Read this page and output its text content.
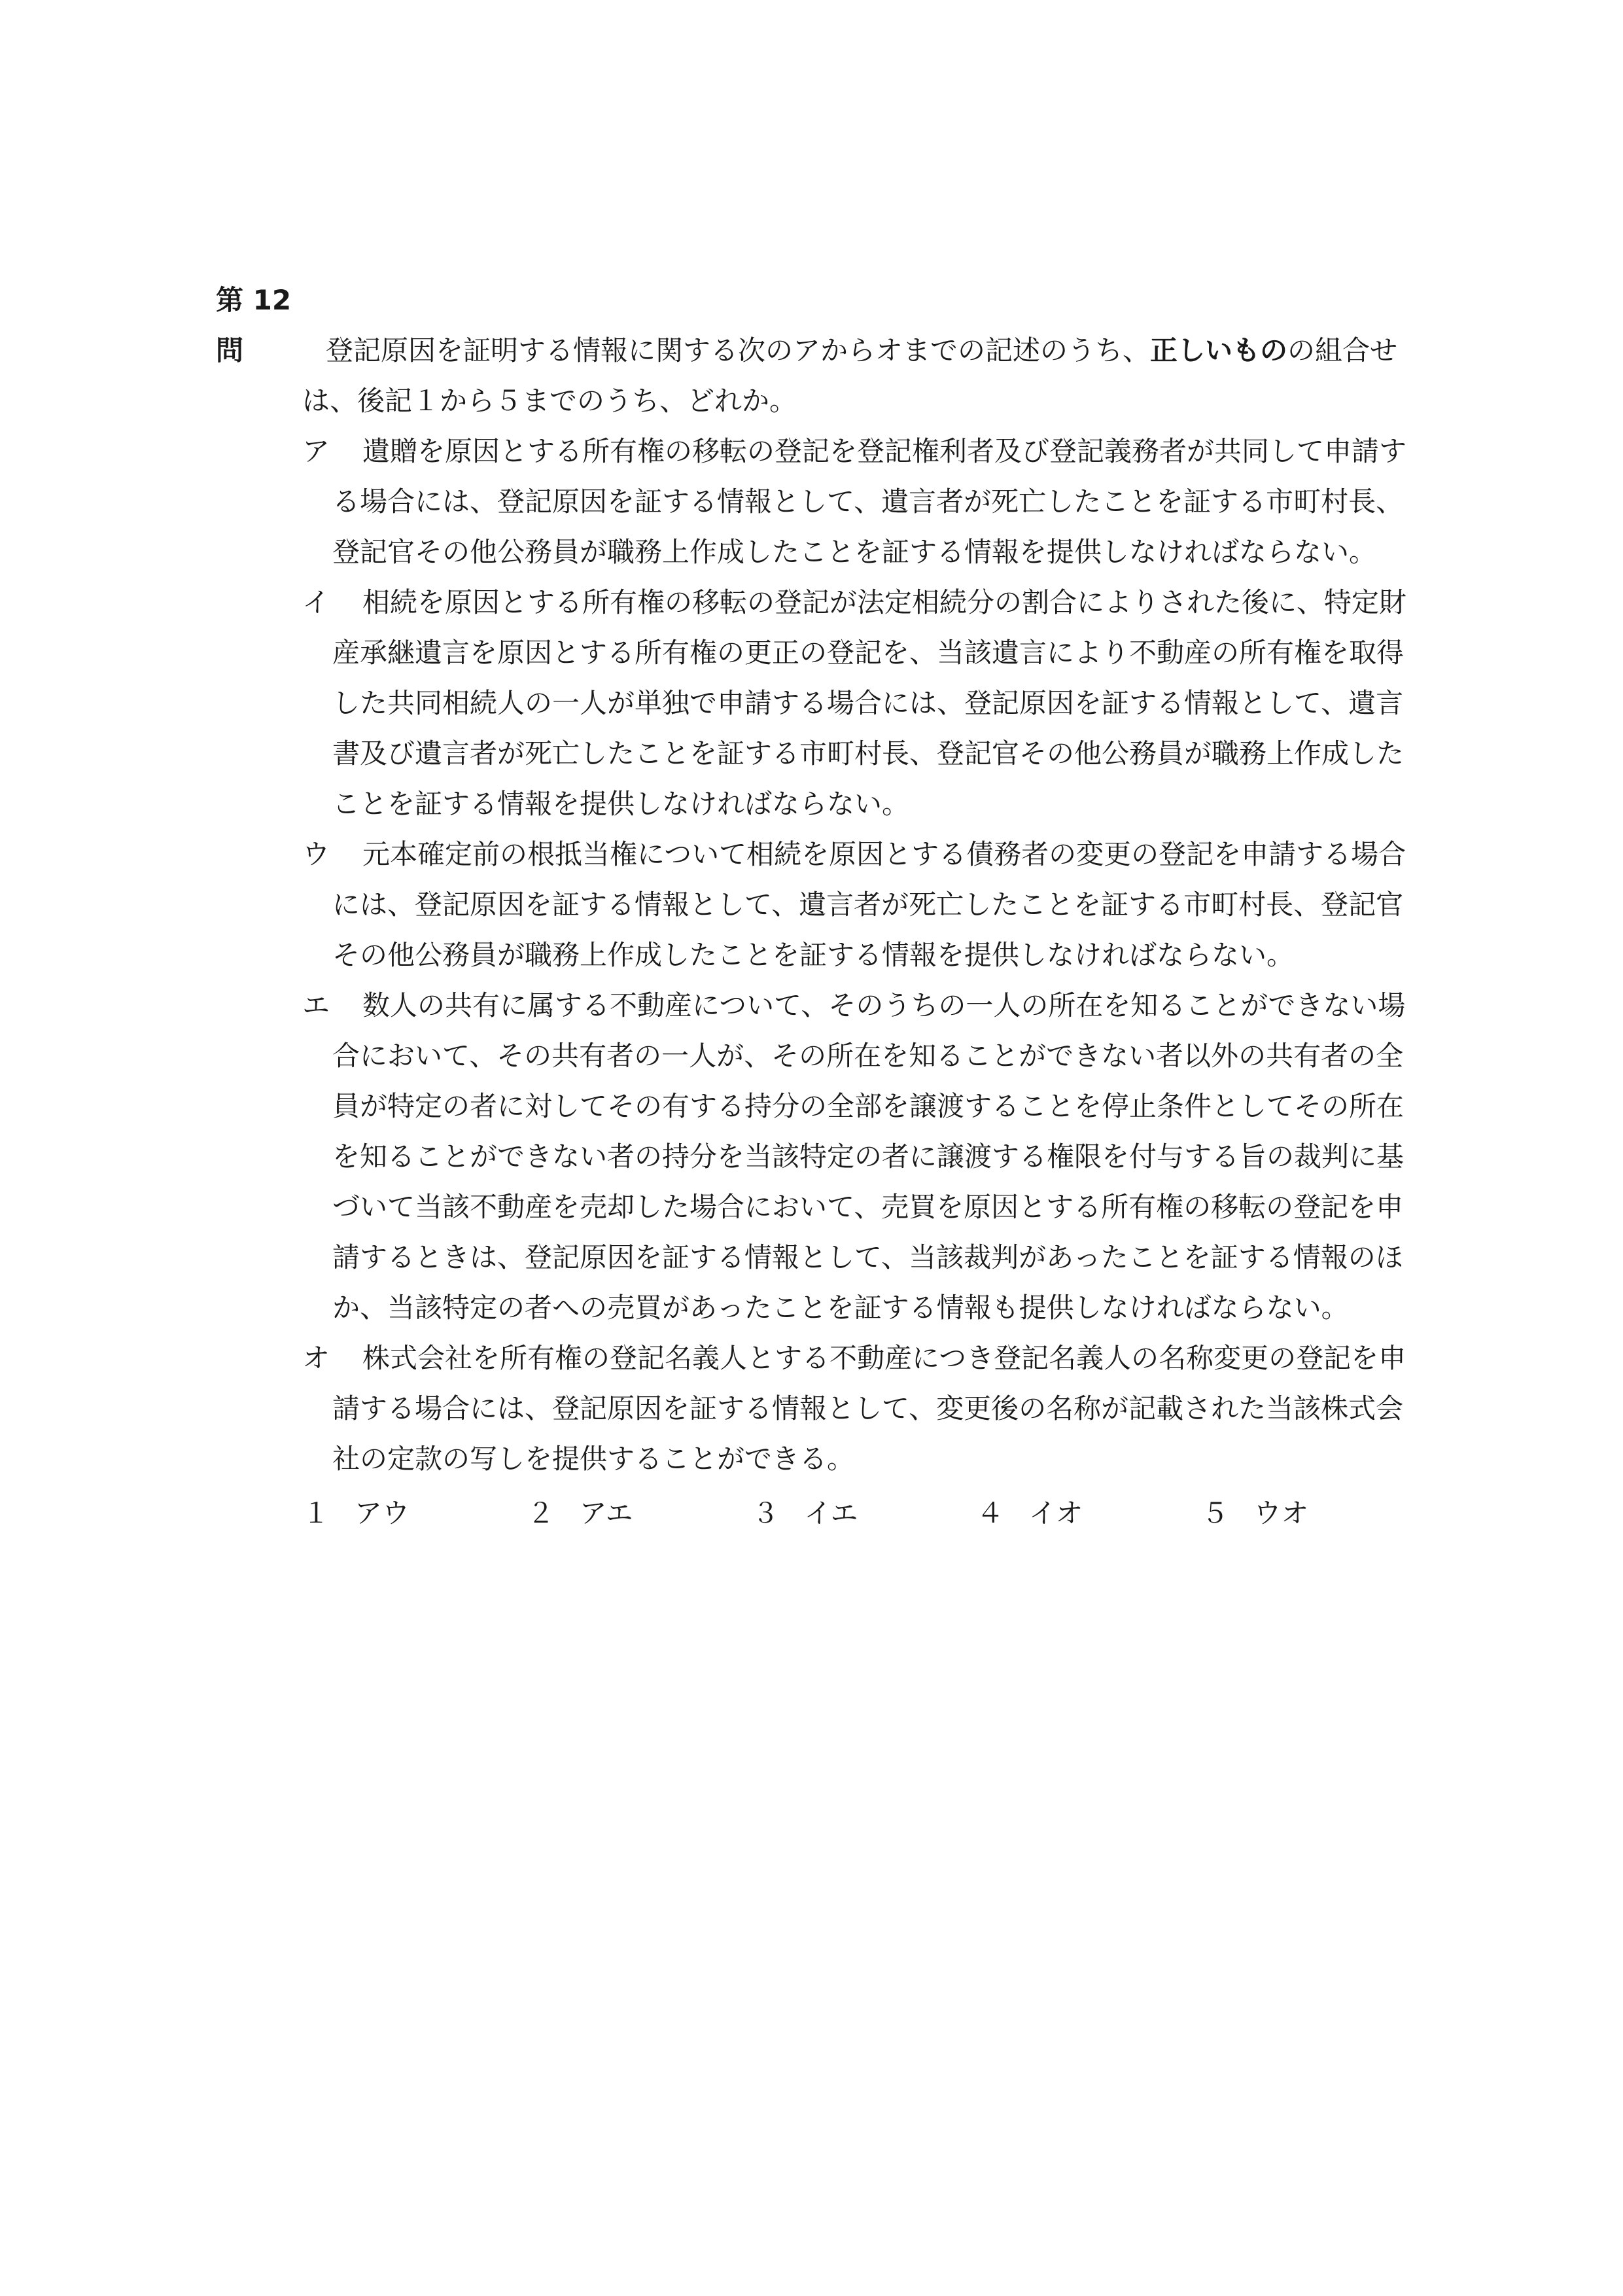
第 12 問	登記原因を証明する情報に関する次のアからオまでの記述のうち、正しいものの組合せは、後記１から５までのうち、どれか。

ア	遺贈を原因とする所有権の移転の登記を登記権利者及び登記義務者が共同して申請する場合には、登記原因を証する情報として、遺言者が死亡したことを証する市町村長、登記官その他公務員が職務上作成したことを証する情報を提供しなければならない。
イ	相続を原因とする所有権の移転の登記が法定相続分の割合によりされた後に、特定財産承継遺言を原因とする所有権の更正の登記を、当該遺言により不動産の所有権を取得した共同相続人の一人が単独で申請する場合には、登記原因を証する情報として、遺言書及び遺言者が死亡したことを証する市町村長、登記官その他公務員が職務上作成したことを証する情報を提供しなければならない。
ウ	元本確定前の根抵当権について相続を原因とする債務者の変更の登記を申請する場合には、登記原因を証する情報として、遺言者が死亡したことを証する市町村長、登記官その他公務員が職務上作成したことを証する情報を提供しなければならない。
エ	数人の共有に属する不動産について、そのうちの一人の所在を知ることができない場合において、その共有者の一人が、その所在を知ることができない者以外の共有者の全員が特定の者に対してその有する持分の全部を譲渡することを停止条件としてその所在を知ることができない者の持分を当該特定の者に譲渡する権限を付与する旨の裁判に基づいて当該不動産を売却した場合において、売買を原因とする所有権の移転の登記を申請するときは、登記原因を証する情報として、当該裁判があったことを証する情報のほか、当該特定の者への売買があったことを証する情報も提供しなければならない。
オ	株式会社を所有権の登記名義人とする不動産につき登記名義人の名称変更の登記を申請する場合には、登記原因を証する情報として、変更後の名称が記載された当該株式会社の定款の写しを提供することができる。
１ アウ	２ アエ	３ イエ	４ イオ	５ ウオ
